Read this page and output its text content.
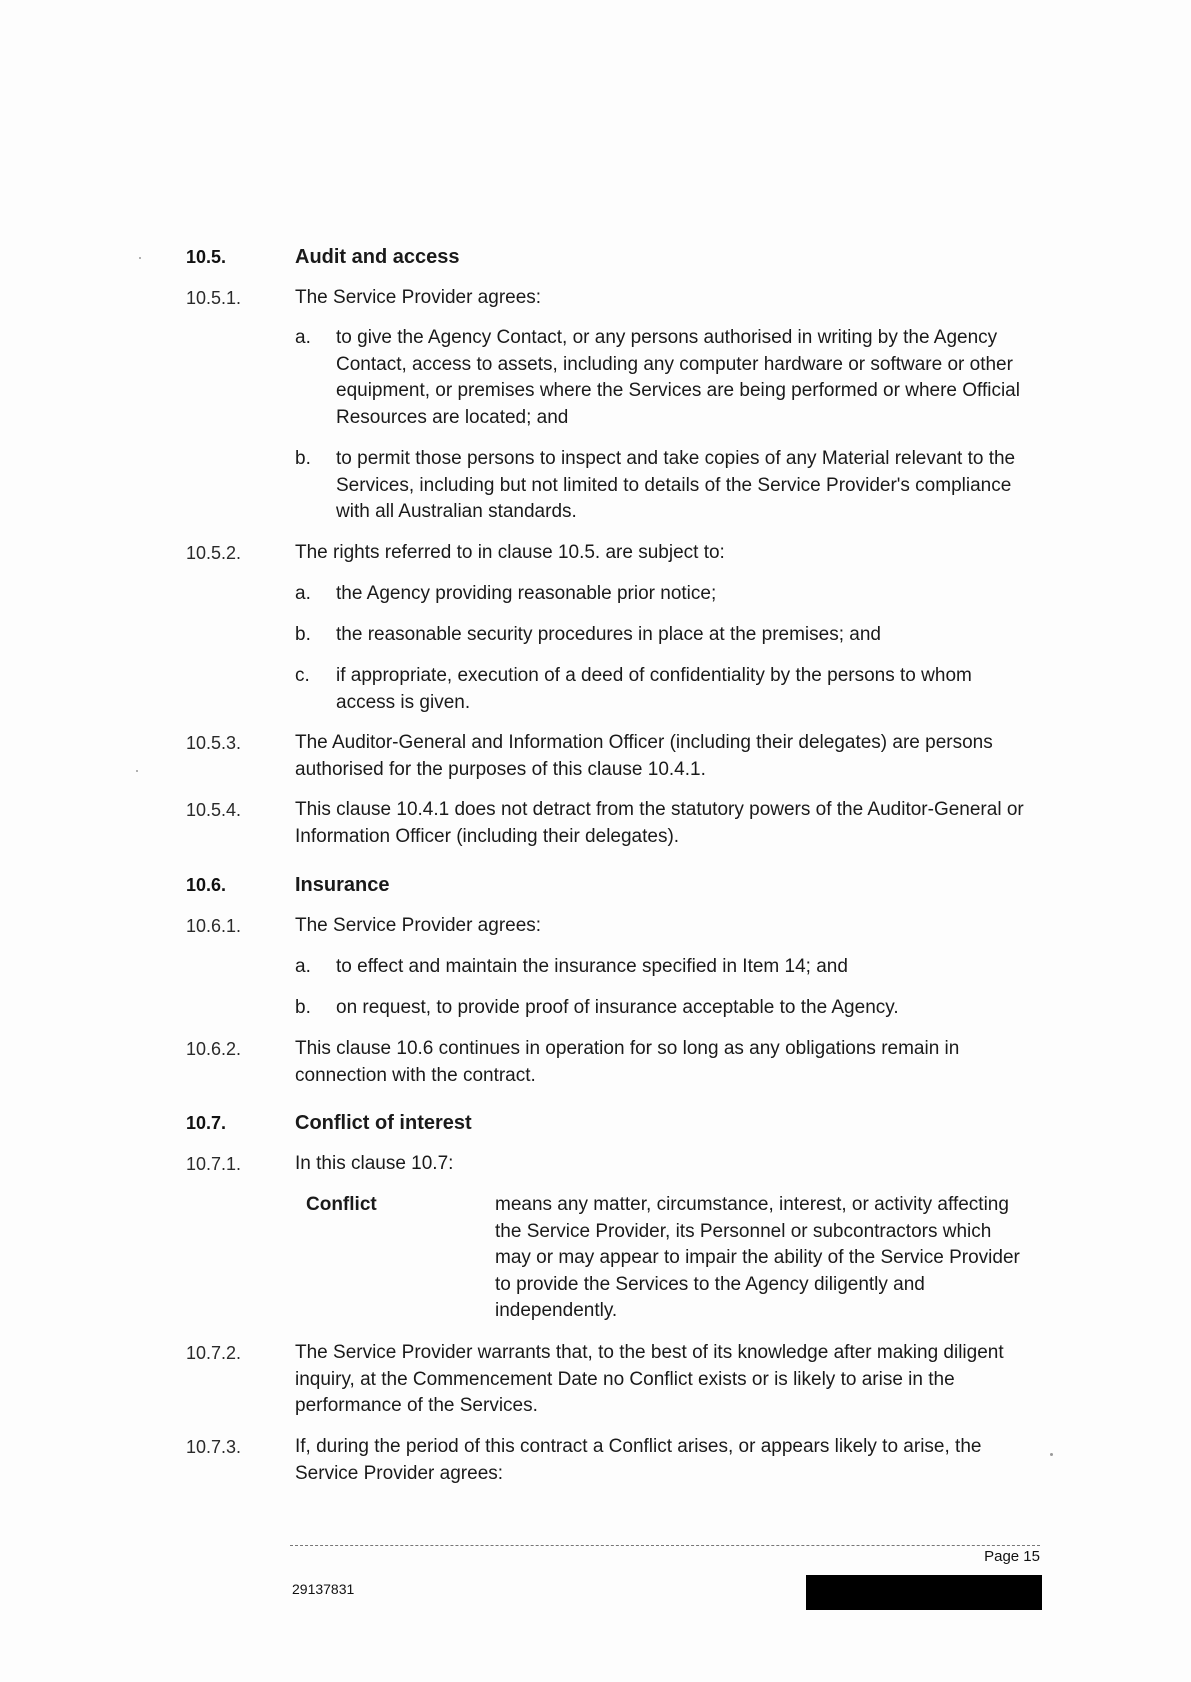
10.5.	Audit and access
10.5.1.	The Service Provider agrees:
a. to give the Agency Contact, or any persons authorised in writing by the Agency Contact, access to assets, including any computer hardware or software or other equipment, or premises where the Services are being performed or where Official Resources are located; and
b. to permit those persons to inspect and take copies of any Material relevant to the Services, including but not limited to details of the Service Provider's compliance with all Australian standards.
10.5.2.	The rights referred to in clause 10.5. are subject to:
a. the Agency providing reasonable prior notice;
b. the reasonable security procedures in place at the premises; and
c. if appropriate, execution of a deed of confidentiality by the persons to whom access is given.
10.5.3.	The Auditor-General and Information Officer (including their delegates) are persons authorised for the purposes of this clause 10.4.1.
10.5.4.	This clause 10.4.1 does not detract from the statutory powers of the Auditor-General or Information Officer (including their delegates).
10.6.	Insurance
10.6.1.	The Service Provider agrees:
a. to effect and maintain the insurance specified in Item 14; and
b. on request, to provide proof of insurance acceptable to the Agency.
10.6.2.	This clause 10.6 continues in operation for so long as any obligations remain in connection with the contract.
10.7.	Conflict of interest
10.7.1.	In this clause 10.7:
Conflict	means any matter, circumstance, interest, or activity affecting the Service Provider, its Personnel or subcontractors which may or may appear to impair the ability of the Service Provider to provide the Services to the Agency diligently and independently.
10.7.2.	The Service Provider warrants that, to the best of its knowledge after making diligent inquiry, at the Commencement Date no Conflict exists or is likely to arise in the performance of the Services.
10.7.3.	If, during the period of this contract a Conflict arises, or appears likely to arise, the Service Provider agrees:
Page 15
29137831
